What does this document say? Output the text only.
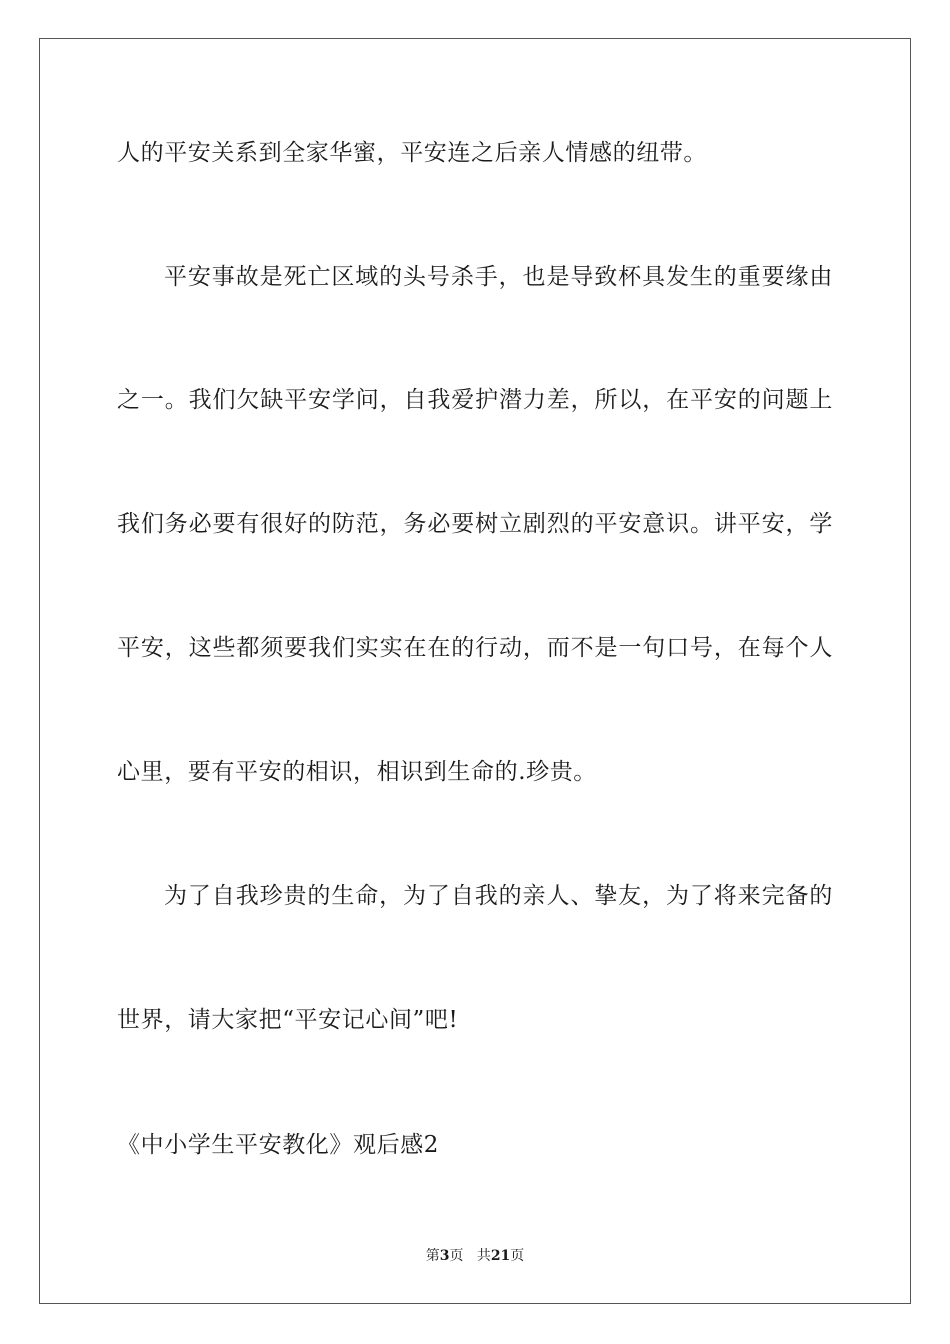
人的平安关系到全家华蜜，平安连之后亲人情感的纽带。
平安事故是死亡区域的头号杀手，也是导致杯具发生的重要缘由
之一。我们欠缺平安学问，自我爱护潜力差，所以，在平安的问题上
我们务必要有很好的防范，务必要树立剧烈的平安意识。讲平安，学
平安，这些都须要我们实实在在的行动，而不是一句口号，在每个人
心里，要有平安的相识，相识到生命的.珍贵。
为了自我珍贵的生命，为了自我的亲人、挚友，为了将来完备的
世界，请大家把“平安记心间”吧!
《中小学生平安教化》观后感2
第3页 共21页
